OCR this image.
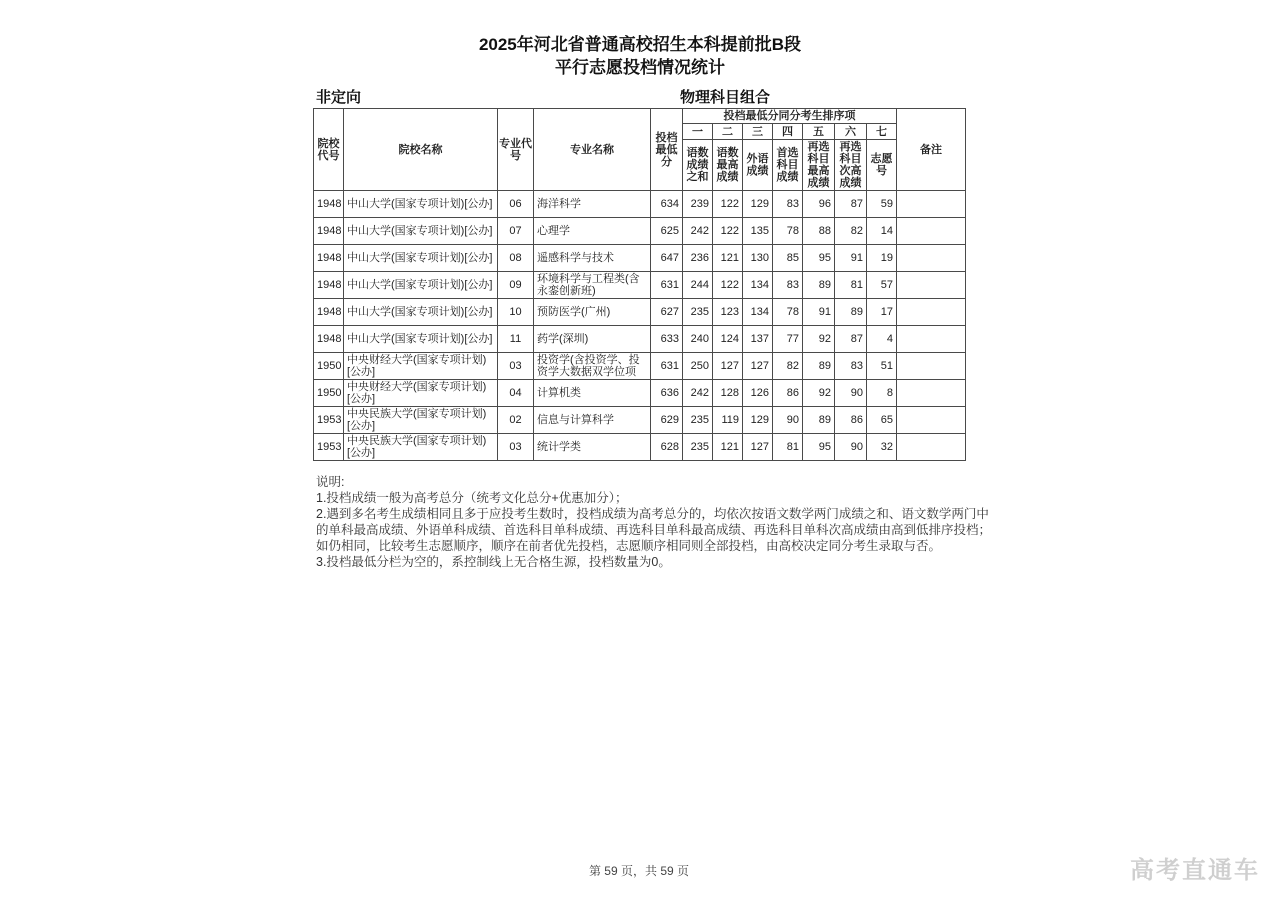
2025年河北省普通高校招生本科提前批B段
平行志愿投档情况统计
非定向	物理科目组合
院校代号	院校名称	专业代号	专业名称	投档最低分	投档最低分同分考生排序项							备注
					一	二	三	四	五	六	七	
					语数成绩之和	语数最高成绩	外语成绩	首选科目成绩	再选科目最高成绩	再选科目次高成绩	志愿号	
1948	中山大学(国家专项计划)[公办]	06	海洋科学	634	239	122	129	83	96	87	59	
1948	中山大学(国家专项计划)[公办]	07	心理学	625	242	122	135	78	88	82	14	
1948	中山大学(国家专项计划)[公办]	08	遥感科学与技术	647	236	121	130	85	95	91	19	
1948	中山大学(国家专项计划)[公办]	09	环境科学与工程类(含永銮创新班)	631	244	122	134	83	89	81	57	
1948	中山大学(国家专项计划)[公办]	10	预防医学(广州)	627	235	123	134	78	91	89	17	
1948	中山大学(国家专项计划)[公办]	11	药学(深圳)	633	240	124	137	77	92	87	4	
1950	中央财经大学(国家专项计划)[公办]	03	投资学(含投资学、投资学大数据双学位项	631	250	127	127	82	89	83	51	
1950	中央财经大学(国家专项计划)[公办]	04	计算机类	636	242	128	126	86	92	90	8	
1953	中央民族大学(国家专项计划)[公办]	02	信息与计算科学	629	235	119	129	90	89	86	65	
1953	中央民族大学(国家专项计划)[公办]	03	统计学类	628	235	121	127	81	95	90	32	
说明:
1.投档成绩一般为高考总分（统考文化总分+优惠加分）；
2.遇到多名考生成绩相同且多于应投考生数时，投档成绩为高考总分的，均依次按语文数学两门成绩之和、语文数学两门中
的单科最高成绩、外语单科成绩、首选科目单科成绩、再选科目单科最高成绩、再选科目单科次高成绩由高到低排序投档；
如仍相同，比较考生志愿顺序，顺序在前者优先投档，志愿顺序相同则全部投档，由高校决定同分考生录取与否。
3.投档最低分栏为空的，系控制线上无合格生源，投档数量为0。
第 59 页，共 59 页	高考直通车
